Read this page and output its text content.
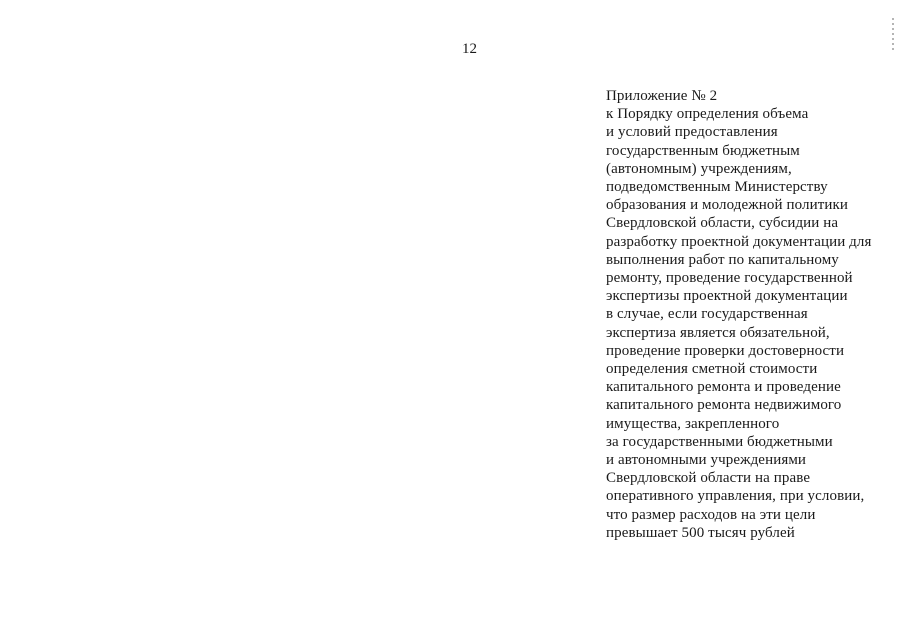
12
Приложение № 2
к Порядку определения объема
и условий предоставления
государственным бюджетным
(автономным) учреждениям,
подведомственным Министерству
образования и молодежной политики
Свердловской области, субсидии на
разработку проектной документации для
выполнения работ по капитальному
ремонту, проведение государственной
экспертизы проектной документации
в случае, если государственная
экспертиза является обязательной,
проведение проверки достоверности
определения сметной стоимости
капитального ремонта и проведение
капитального ремонта недвижимого
имущества, закрепленного
за государственными бюджетными
и автономными учреждениями
Свердловской области на праве
оперативного управления, при условии,
что размер расходов на эти цели
превышает 500 тысяч рублей
